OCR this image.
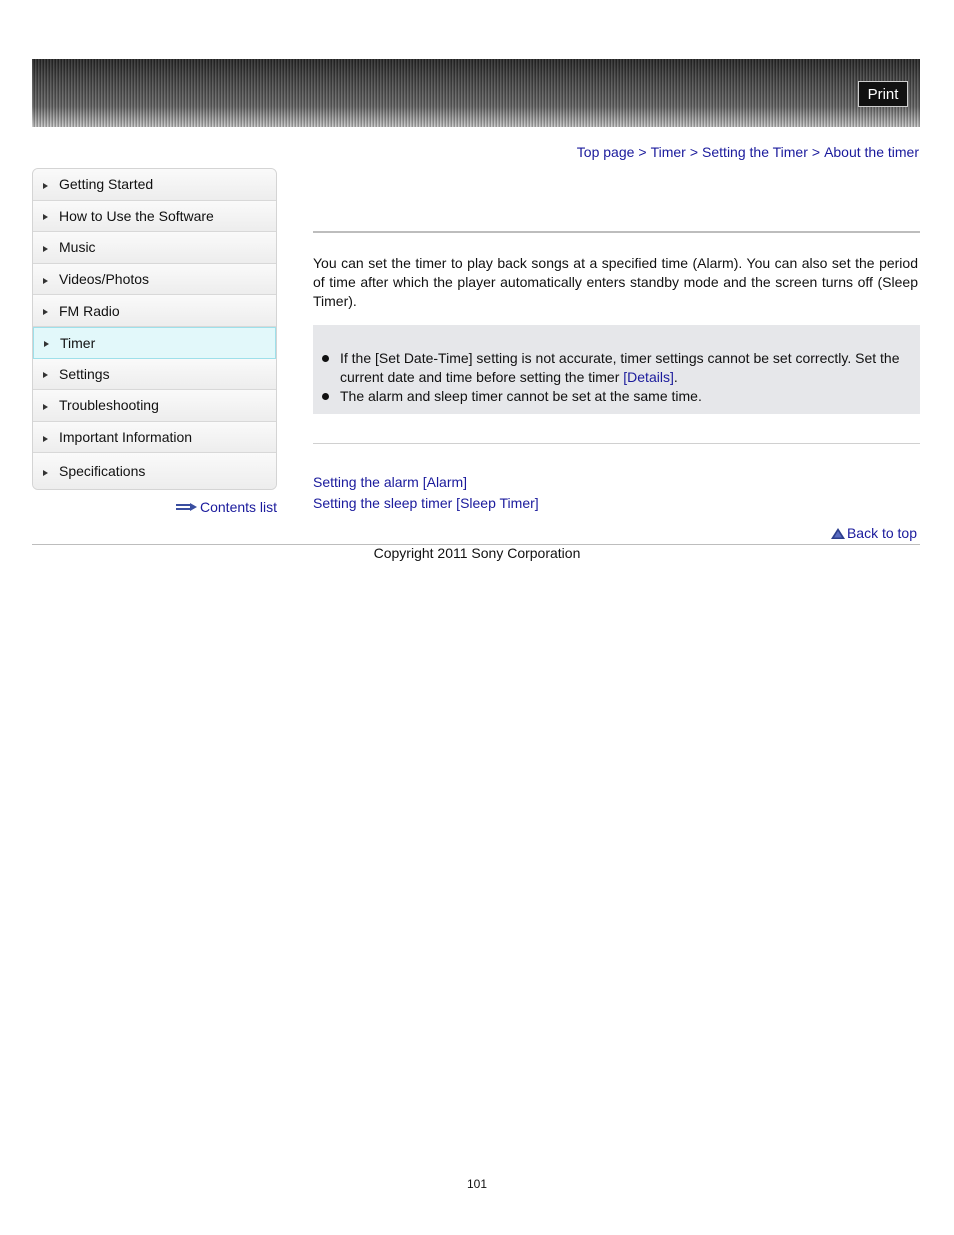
Print
Top page > Timer > Setting the Timer > About the timer
Getting Started
How to Use the Software
Music
Videos/Photos
FM Radio
Timer
Settings
Troubleshooting
Important Information
Specifications
Contents list
You can set the timer to play back songs at a specified time (Alarm). You can also set the period of time after which the player automatically enters standby mode and the screen turns off (Sleep Timer).
If the [Set Date-Time] setting is not accurate, timer settings cannot be set correctly. Set the current date and time before setting the timer [Details].
The alarm and sleep timer cannot be set at the same time.
Setting the alarm [Alarm]
Setting the sleep timer [Sleep Timer]
Back to top
Copyright 2011 Sony Corporation
101
